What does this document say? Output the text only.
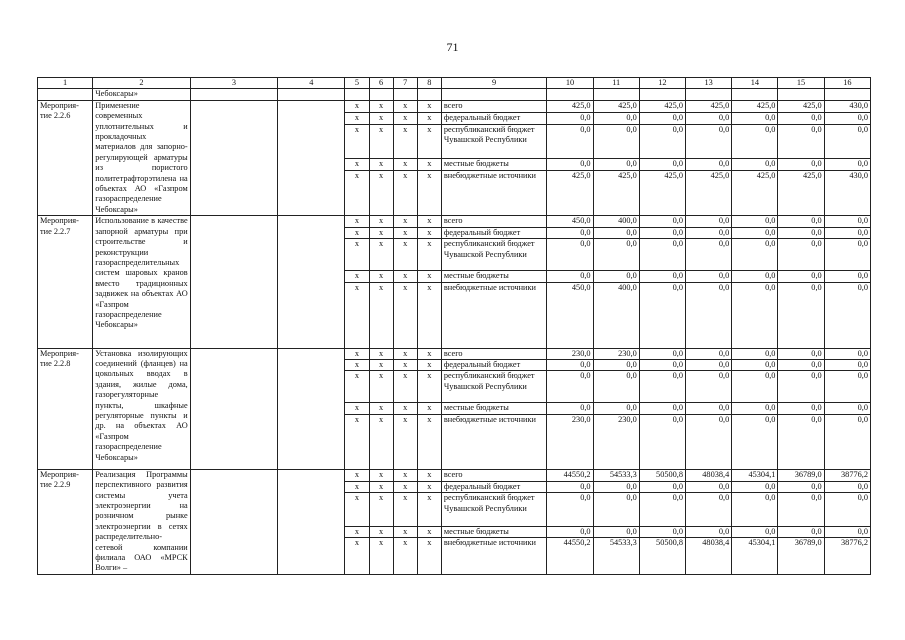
71
1	2	3	4	5	6	7	8	9	10	11	12	13	14	15	16
	Чебоксары»														
Мероприя-тие 2.2.6	Применение современных уплотнительных и прокладочных материалов для запорно-регулирующей арматуры из пористого политетрафторэтилена на объектах АО «Газпром газораспределение Чебоксары»			х	х	х	х	всего	425,0	425,0	425,0	425,0	425,0	425,0	430,0
				х	х	х	х	федеральный бюджет	0,0	0,0	0,0	0,0	0,0	0,0	0,0
				х	х	х	х	республиканский бюджет Чувашской Республики	0,0	0,0	0,0	0,0	0,0	0,0	0,0
				х	х	х	х	местные бюджеты	0,0	0,0	0,0	0,0	0,0	0,0	0,0
				х	х	х	х	внебюджетные источники	425,0	425,0	425,0	425,0	425,0	425,0	430,0
Мероприя-тие 2.2.7	Использование в качестве запорной арматуры при строительстве и реконструкции газораспределительных систем шаровых кранов вместо традиционных задвижек на объектах АО «Газпром газораспределение Чебоксары»			х	х	х	х	всего	450,0	400,0	0,0	0,0	0,0	0,0	0,0
				х	х	х	х	федеральный бюджет	0,0	0,0	0,0	0,0	0,0	0,0	0,0
				х	х	х	х	республиканский бюджет Чувашской Республики	0,0	0,0	0,0	0,0	0,0	0,0	0,0
				х	х	х	х	местные бюджеты	0,0	0,0	0,0	0,0	0,0	0,0	0,0
				х	х	х	х	внебюджетные источники	450,0	400,0	0,0	0,0	0,0	0,0	0,0
Мероприя-тие 2.2.8	Установка изолирующих соединений (фланцев) на цокольных вводах в здания, жилые дома, газорегуляторные пункты, шкафные регуляторные пункты и др. на объектах АО «Газпром газораспределение Чебоксары»			х	х	х	х	всего	230,0	230,0	0,0	0,0	0,0	0,0	0,0
				х	х	х	х	федеральный бюджет	0,0	0,0	0,0	0,0	0,0	0,0	0,0
				х	х	х	х	республиканский бюджет Чувашской Республики	0,0	0,0	0,0	0,0	0,0	0,0	0,0
				х	х	х	х	местные бюджеты	0,0	0,0	0,0	0,0	0,0	0,0	0,0
				х	х	х	х	внебюджетные источники	230,0	230,0	0,0	0,0	0,0	0,0	0,0
Мероприя-тие 2.2.9	Реализация Программы перспективного развития системы учета электроэнергии на розничном рынке электроэнергии в сетях распределительно-сетевой компании филиала ОАО «МРСК Волги» –			х	х	х	х	всего	44550,2	54533,3	50500,8	48038,4	45304,1	36789,0	38776,2
				х	х	х	х	федеральный бюджет	0,0	0,0	0,0	0,0	0,0	0,0	0,0
				х	х	х	х	республиканский бюджет Чувашской Республики	0,0	0,0	0,0	0,0	0,0	0,0	0,0
				х	х	х	х	местные бюджеты	0,0	0,0	0,0	0,0	0,0	0,0	0,0
				х	х	х	х	внебюджетные источники	44550,2	54533,3	50500,8	48038,4	45304,1	36789,0	38776,2
